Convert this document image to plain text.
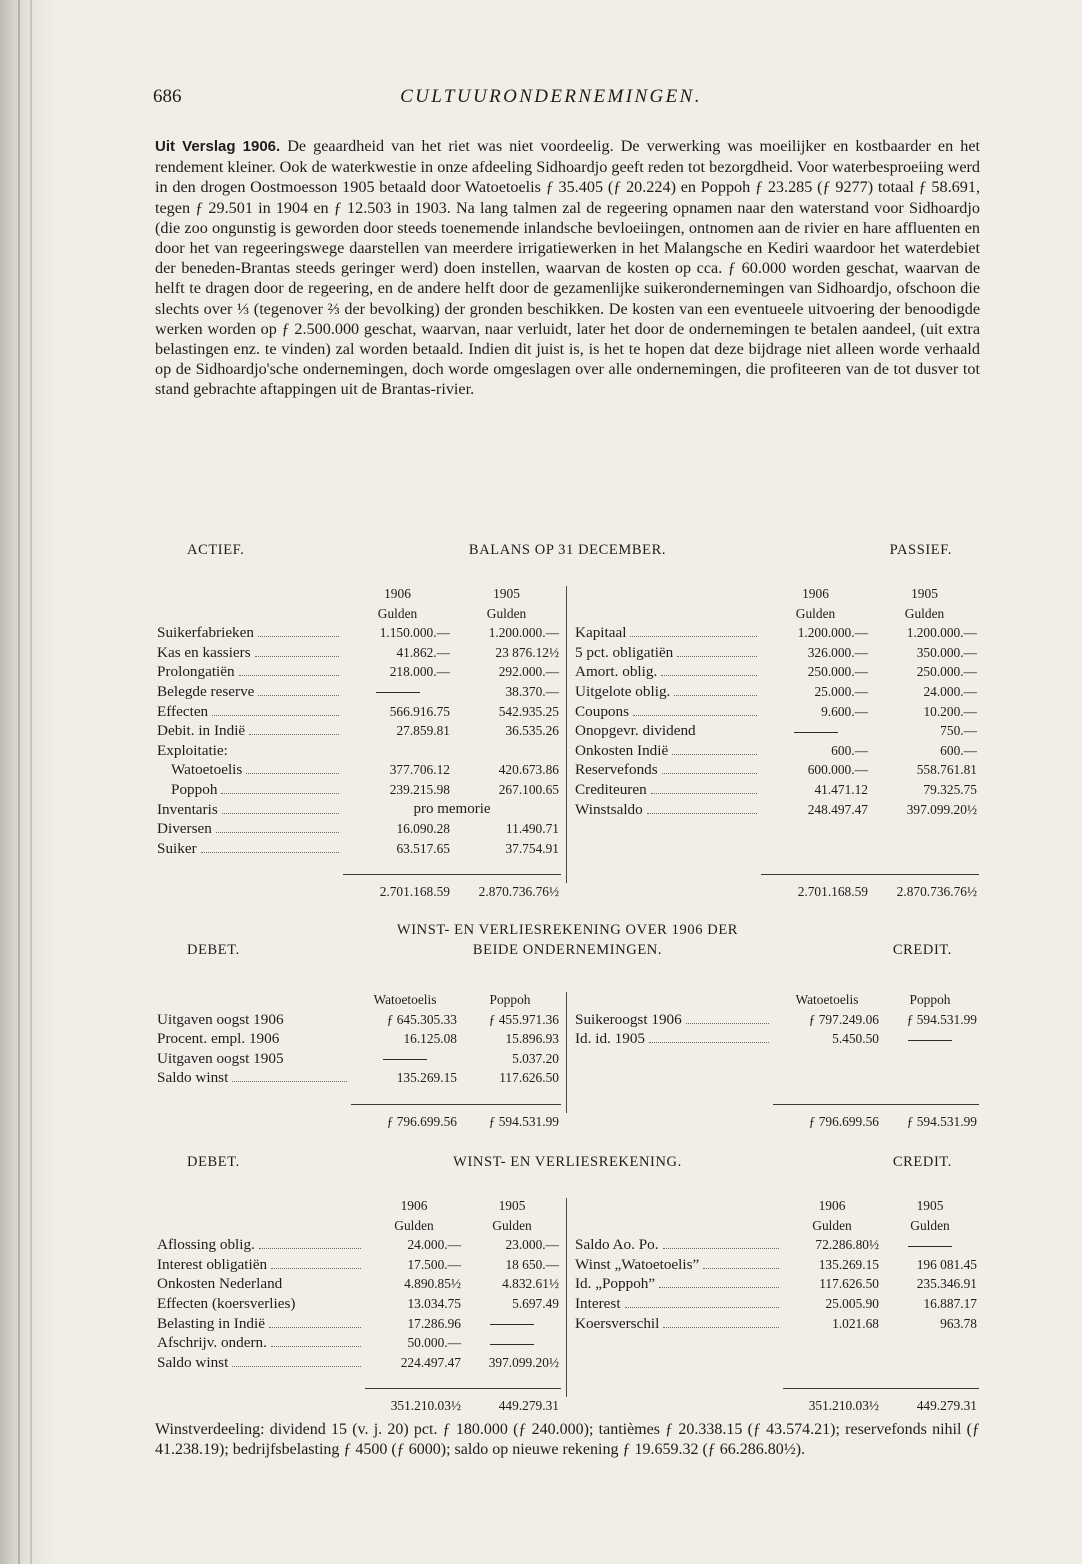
686	CULTUURONDERNEMINGEN.
Uit Verslag 1906. De geaardheid van het riet was niet voordeelig. De verwerking was moeilijker en kostbaarder en het rendement kleiner. Ook de waterkwestie in onze afdeeling Sidhoardjo geeft reden tot bezorgdheid. Voor waterbesproeiing werd in den drogen Oostmoesson 1905 betaald door Watoetoelis ƒ 35.405 (ƒ 20.224) en Poppoh ƒ 23.285 (ƒ 9277) totaal ƒ 58.691, tegen ƒ 29.501 in 1904 en ƒ 12.503 in 1903. Na lang talmen zal de regeering opnamen naar den waterstand voor Sidhoardjo (die zoo ongunstig is geworden door steeds toenemende inlandsche bevloeiingen, ontnomen aan de rivier en hare affluenten en door het van regeeringswege daarstellen van meerdere irrigatiewerken in het Malangsche en Kediri waardoor het waterdebiet der beneden-Brantas steeds geringer werd) doen instellen, waarvan de kosten op cca. ƒ 60.000 worden geschat, waarvan de helft te dragen door de regeering, en de andere helft door de gezamenlijke suikerondernemingen van Sidhoardjo, ofschoon die slechts over ⅓ (tegenover ⅔ der bevolking) der gronden beschikken. De kosten van een eventueele uitvoering der benoodigde werken worden op ƒ 2.500.000 geschat, waarvan, naar verluidt, later het door de ondernemingen te betalen aandeel, (uit extra belastingen enz. te vinden) zal worden betaald. Indien dit juist is, is het te hopen dat deze bijdrage niet alleen worde verhaald op de Sidhoardjo'sche ondernemingen, doch worde omgeslagen over alle ondernemingen, die profiteeren van de tot dusver tot stand gebrachte aftappingen uit de Brantas-rivier.
ACTIEF.	BALANS OP 31 DECEMBER.	PASSIEF.
	1906	1905
	Gulden	Gulden

Suikerfabrieken	1.150.000.—	1.200.000.—

Kas en kassiers	41.862.—	23 876.12½

Prolongatiën	218.000.—	292.000.—

Belegde reserve		38.370.—

Effecten	566.916.75	542.935.25

Debit. in Indië	27.859.81	36.535.26

Exploitatie:		

Watoetoelis	377.706.12	420.673.86

Poppoh	239.215.98	267.100.65

Inventaris	pro memorie	

Diversen	16.090.28	11.490.71

Suiker	63.517.65	37.754.91

	2.701.168.59	2.870.736.76½
	1906	1905
	Gulden	Gulden

Kapitaal	1.200.000.—	1.200.000.—

5 pct. obligatiën	326.000.—	350.000.—

Amort. oblig.	250.000.—	250.000.—

Uitgelote oblig.	25.000.—	24.000.—

Coupons	9.600.—	10.200.—

Onopgevr. dividend		750.—

Onkosten Indië	600.—	600.—

Reservefonds	600.000.—	558.761.81

Crediteuren	41.471.12	79.325.75

Winstsaldo	248.497.47	397.099.20½

	2.701.168.59	2.870.736.76½
WINST- EN VERLIESREKENING OVER 1906 DER
DEBET.	BEIDE ONDERNEMINGEN.	CREDIT.
	Watoetoelis	Poppoh

Uitgaven oogst 1906	ƒ 645.305.33	ƒ 455.971.36

Procent. empl. 1906	16.125.08	15.896.93

Uitgaven oogst 1905		5.037.20

Saldo winst	135.269.15	117.626.50

	ƒ 796.699.56	ƒ 594.531.99
	Watoetoelis	Poppoh

Suikeroogst 1906	ƒ 797.249.06	ƒ 594.531.99

Id. id. 1905	5.450.50	

	ƒ 796.699.56	ƒ 594.531.99
DEBET.	WINST- EN VERLIESREKENING.	CREDIT.
	1906	1905
	Gulden	Gulden

Aflossing oblig.	24.000.—	23.000.—

Interest obligatiën	17.500.—	18 650.—

Onkosten Nederland	4.890.85½	4.832.61½

Effecten (koersverlies)	13.034.75	5.697.49

Belasting in Indië	17.286.96	

Afschrijv. ondern.	50.000.—	

Saldo winst	224.497.47	397.099.20½

	351.210.03½	449.279.31
	1906	1905
	Gulden	Gulden

Saldo Ao. Po.	72.286.80½	

Winst „Watoetoelis”	135.269.15	196 081.45

Id. „Poppoh”	117.626.50	235.346.91

Interest	25.005.90	16.887.17

Koersverschil	1.021.68	963.78

	351.210.03½	449.279.31
Winstverdeeling: dividend 15 (v. j. 20) pct. ƒ 180.000 (ƒ 240.000); tantièmes ƒ 20.338.15 (ƒ 43.574.21); reservefonds nihil (ƒ 41.238.19); bedrijfsbelasting ƒ 4500 (ƒ 6000); saldo op nieuwe rekening ƒ 19.659.32 (ƒ 66.286.80½).
